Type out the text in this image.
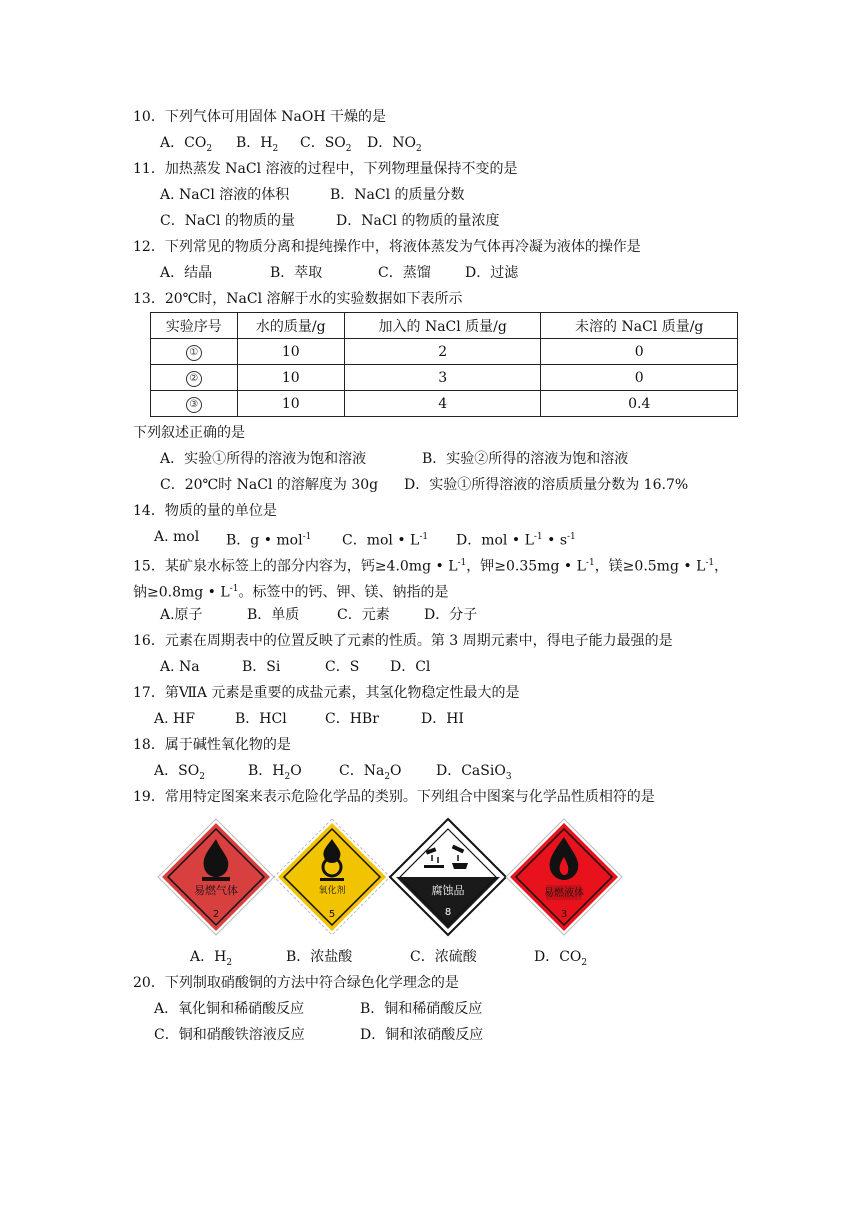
10．下列气体可用固体 NaOH 干燥的是
A．$CO_2$ B．$H_2$ C．$SO_2$ D．$NO_2$
11．加热蒸发 NaCl 溶液的过程中，下列物理量保持不变的是
A. NaCl 溶液的体积	B．NaCl 的质量分数
C．NaCl 的物质的量	D．NaCl 的物质的量浓度
12．下列常见的物质分离和提纯操作中，将液体蒸发为气体再冷凝为液体的操作是
A．结晶	B．萃取	C．蒸馏 D．过滤
13．20℃时，NaCl 溶解于水的实验数据如下表所示
实验序号	水的质量/g	加入的 NaCl 质量/g	未溶的 NaCl 质量/g
①	10	2	0
②	10	3	0
③	10	4	0.4
下列叙述正确的是
A．实验①所得的溶液为饱和溶液	B．实验②所得的溶液为饱和溶液
C．20℃时 NaCl 的溶解度为 30g D．实验①所得溶液的溶质质量分数为 16.7%
14．物质的量的单位是
A. mol B．g • mol$^{-1}$ C．mol • $L^{-1}$ D．mol • $L^{-1}$ • $s^{-1}$
15．某矿泉水标签上的部分内容为，钙≥4.0mg • $L^{-1}$，钾≥0.35mg • $L^{-1}$，镁≥0.5mg • $L^{-1}$，
钠≥0.8mg • $L^{-1}$。标签中的钙、钾、镁、钠指的是
A.原子	B．单质	C．元素 D．分子
16．元素在周期表中的位置反映了元素的性质。第 3 周期元素中，得电子能力最强的是
A. Na	B．Si	C．S D．Cl
17．第ⅦA 元素是重要的成盐元素，其氢化物稳定性最大的是
A. HF	B．HCl	C．HBr	D．HI
18．属于碱性氧化物的是
A．$SO_2$	B．$H_2O$	C．$Na_2O$ D．CaSiO$_3$
19．常用特定图案来表示危险化学品的类别。下列组合中图案与化学品性质相符的是
易燃气体
2
氧化剂
5
腐蚀品
8
易燃液体
3
A．$H_2$	B．浓盐酸	C．浓硫酸	D．$CO_2$
20．下列制取硝酸铜的方法中符合绿色化学理念的是
A．氧化铜和稀硝酸反应	B．铜和稀硝酸反应
C．铜和硝酸铁溶液反应	D．铜和浓硝酸反应
